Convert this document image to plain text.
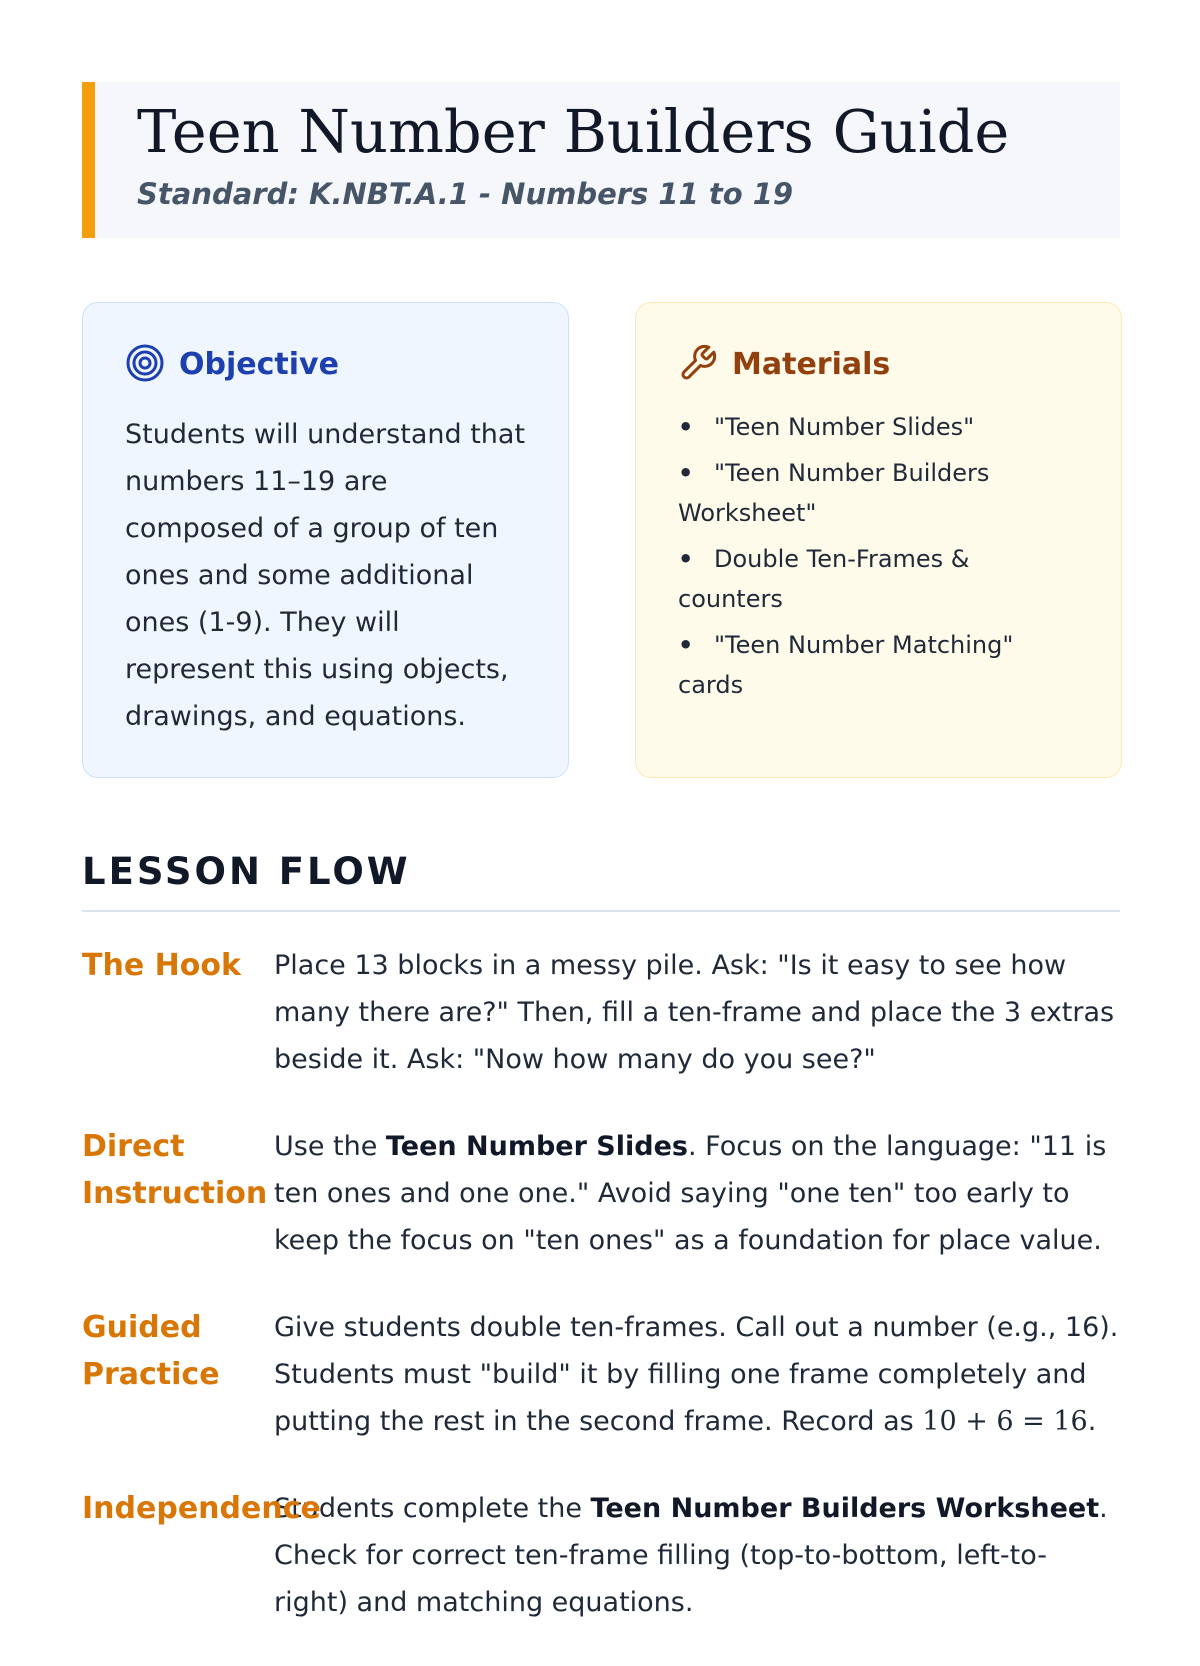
Teen Number Builders Guide

Standard: K.NBT.A.1 - Numbers 11 to 19

Objective

Students will understand that numbers 11–19 are composed of a group of ten ones and some additional ones (1-9). They will represent this using objects, drawings, and equations.

Materials
• "Teen Number Slides"
• "Teen Number Builders Worksheet"
• Double Ten-Frames & counters
• "Teen Number Matching" cards
LESSON FLOW
The Hook	Place 13 blocks in a messy pile. Ask: "Is it easy to see how many there are?" Then, fill a ten-frame and place the 3 extras beside it. Ask: "Now how many do you see?"
Direct Instruction
Use the Teen Number Slides. Focus on the language: "11 is ten ones and one one." Avoid saying "one ten" too early to keep the focus on "ten ones" as a foundation for place value.
Guided Practice
Give students double ten-frames. Call out a number (e.g., 16). Students must "build" it by filling one frame completely and putting the rest in the second frame. Record as 10 + 6 = 16.
Independence
Students complete the Teen Number Builders Worksheet. Check for correct ten-frame filling (top-to-bottom, left-to-right) and matching equations.
